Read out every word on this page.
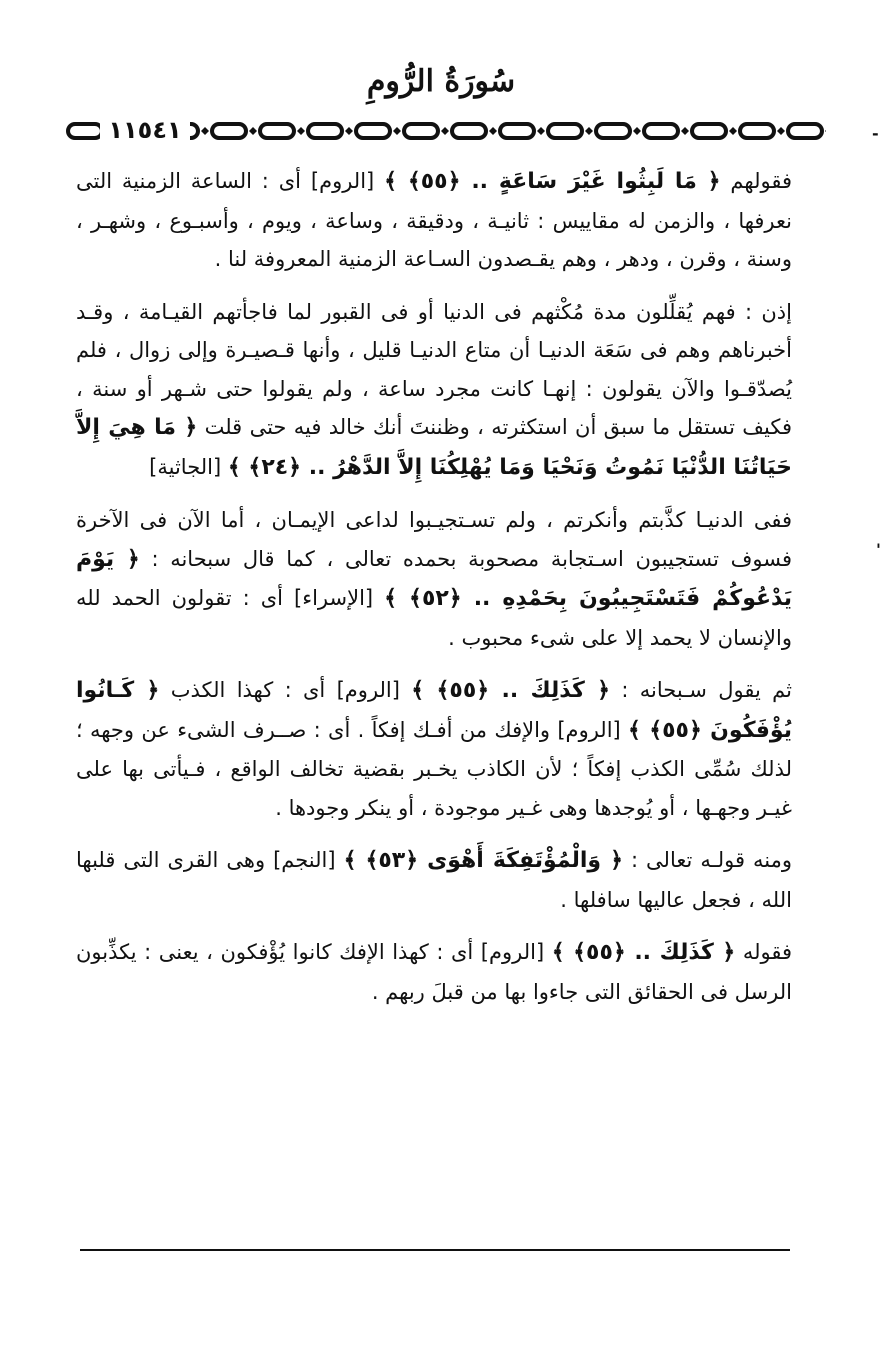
سُورَةُ الرُّومِ
١١٥٤١	-
'

فقولهم ﴿ مَا لَبِثُوا غَيْرَ سَاعَةٍ .. ﴿٥٥﴾ ﴾ [الروم] أى : الساعة الزمنية التى نعرفها ، والزمن له مقاييس : ثانيـة ، ودقيقة ، وساعة ، ويوم ، وأسبـوع ، وشهـر ، وسنة ، وقرن ، ودهر ، وهم يقـصدون السـاعة الزمنية المعروفة لنا .

إذن : فهم يُقلِّلون مدة مُكْثهم فى الدنيا أو فى القبور لما فاجأتهم القيـامة ، وقـد أخبرناهم وهم فى سَعَة الدنيـا أن متاع الدنيـا قليل ، وأنها قـصيـرة وإلى زوال ، فلم يُصدّقـوا والآن يقولون : إنهـا كانت مجرد ساعة ، ولم يقولوا حتى شـهر أو سنة ، فكيف تستقل ما سبق أن استكثرته ، وظننتَ أنك خالد فيه حتى قلت ﴿ مَا هِيَ إِلاَّ حَيَاتُنَا الدُّنْيَا نَمُوتُ وَنَحْيَا وَمَا يُهْلِكُنَا إِلاَّ الدَّهْرُ .. ﴿٢٤﴾ ﴾ [الجاثية]

ففى الدنيـا كذَّبتم وأنكرتم ، ولم تسـتجيـبوا لداعى الإيمـان ، أما الآن فى الآخرة فسوف تستجيبون اسـتجابة مصحوبة بحمده تعالى ، كما قال سبحانه : ﴿ يَوْمَ يَدْعُوكُمْ فَتَسْتَجِيبُونَ بِحَمْدِهِ .. ﴿٥٢﴾ ﴾ [الإسراء] أى : تقولون الحمد لله والإنسان لا يحمد إلا على شىء محبوب .

ثم يقول سـبحانه : ﴿ كَذَلِكَ .. ﴿٥٥﴾ ﴾ [الروم] أى : كهذا الكذب ﴿ كَـانُوا يُؤْفَكُونَ ﴿٥٥﴾ ﴾ [الروم] والإفك من أفـك إفكاً . أى : صــرف الشىء عن وجهه ؛ لذلك سُمِّى الكذب إفكاً ؛ لأن الكاذب يخـبر بقضية تخالف الواقع ، فـيأتى بها على غيـر وجهـها ، أو يُوجدها وهى غـير موجودة ، أو ينكر وجودها .

ومنه قولـه تعالى : ﴿ وَالْمُؤْتَفِكَةَ أَهْوَى ﴿٥٣﴾ ﴾ [النجم] وهى القرى التى قلبها الله ، فجعل عاليها سافلها .

فقوله ﴿ كَذَلِكَ .. ﴿٥٥﴾ ﴾ [الروم] أى : كهذا الإفك كانوا يُؤْفكون ، يعنى : يكذِّبون الرسل فى الحقائق التى جاءوا بها من قبلَ ربهم .
